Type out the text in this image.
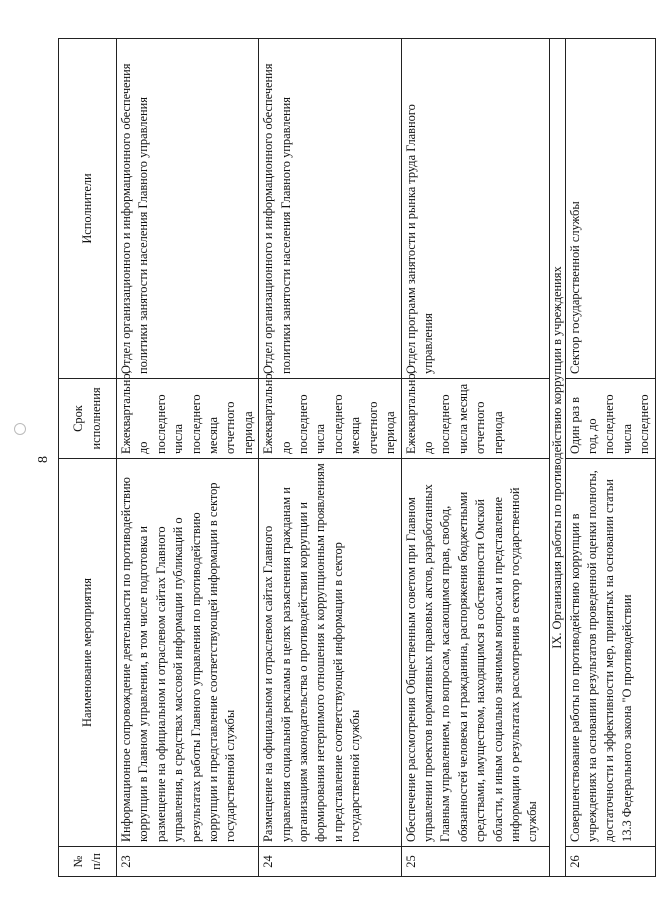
8
№ п/п	Наименование мероприятия	Срок исполнения	Исполнители
23	Информационное сопровождение деятельности по противодействию коррупции в Главном управлении, в том числе подготовка и размещение на официальном и отраслевом сайтах Главного управления, в средствах массовой информации публикаций о результатах работы Главного управления по противодействию коррупции и представление соответствующей информации в сектор государственной службы	Ежеквартально, до последнего числа последнего месяца отчетного периода	Отдел организационного и информационного обеспечения политики занятости населения Главного управления
24	Размещение на официальном и отраслевом сайтах Главного управления социальной рекламы в целях разъяснения гражданам и организациям законодательства о противодействии коррупции и формирования нетерпимого отношения к коррупционным проявлениям и представление соответствующей информации в сектор государственной службы	Ежеквартально, до последнего числа последнего месяца отчетного периода	Отдел организационного и информационного обеспечения политики занятости населения Главного управления
25	Обеспечение рассмотрения Общественным советом при Главном управлении проектов нормативных правовых актов, разработанных Главным управлением, по вопросам, касающимся прав, свобод, обязанностей человека и гражданина, распоряжения бюджетными средствами, имуществом, находящимся в собственности Омской области, и иным социально значимым вопросам и представление информации о результатах рассмотрения в сектор государственной службы	Ежеквартально, до последнего числа месяца отчетного периода	Отдел программ занятости и рынка труда Главного управления
IX. Организация работы по противодействию коррупции в учреждениях			
26	Совершенствование работы по противодействию коррупции в учреждениях на основании результатов проведенной оценки полноты, достаточности и эффективности мер, принятых на основании статьи 13.3 Федерального закона "О противодействии	Один раз в год, до последнего числа последнего	Сектор государственной службы
